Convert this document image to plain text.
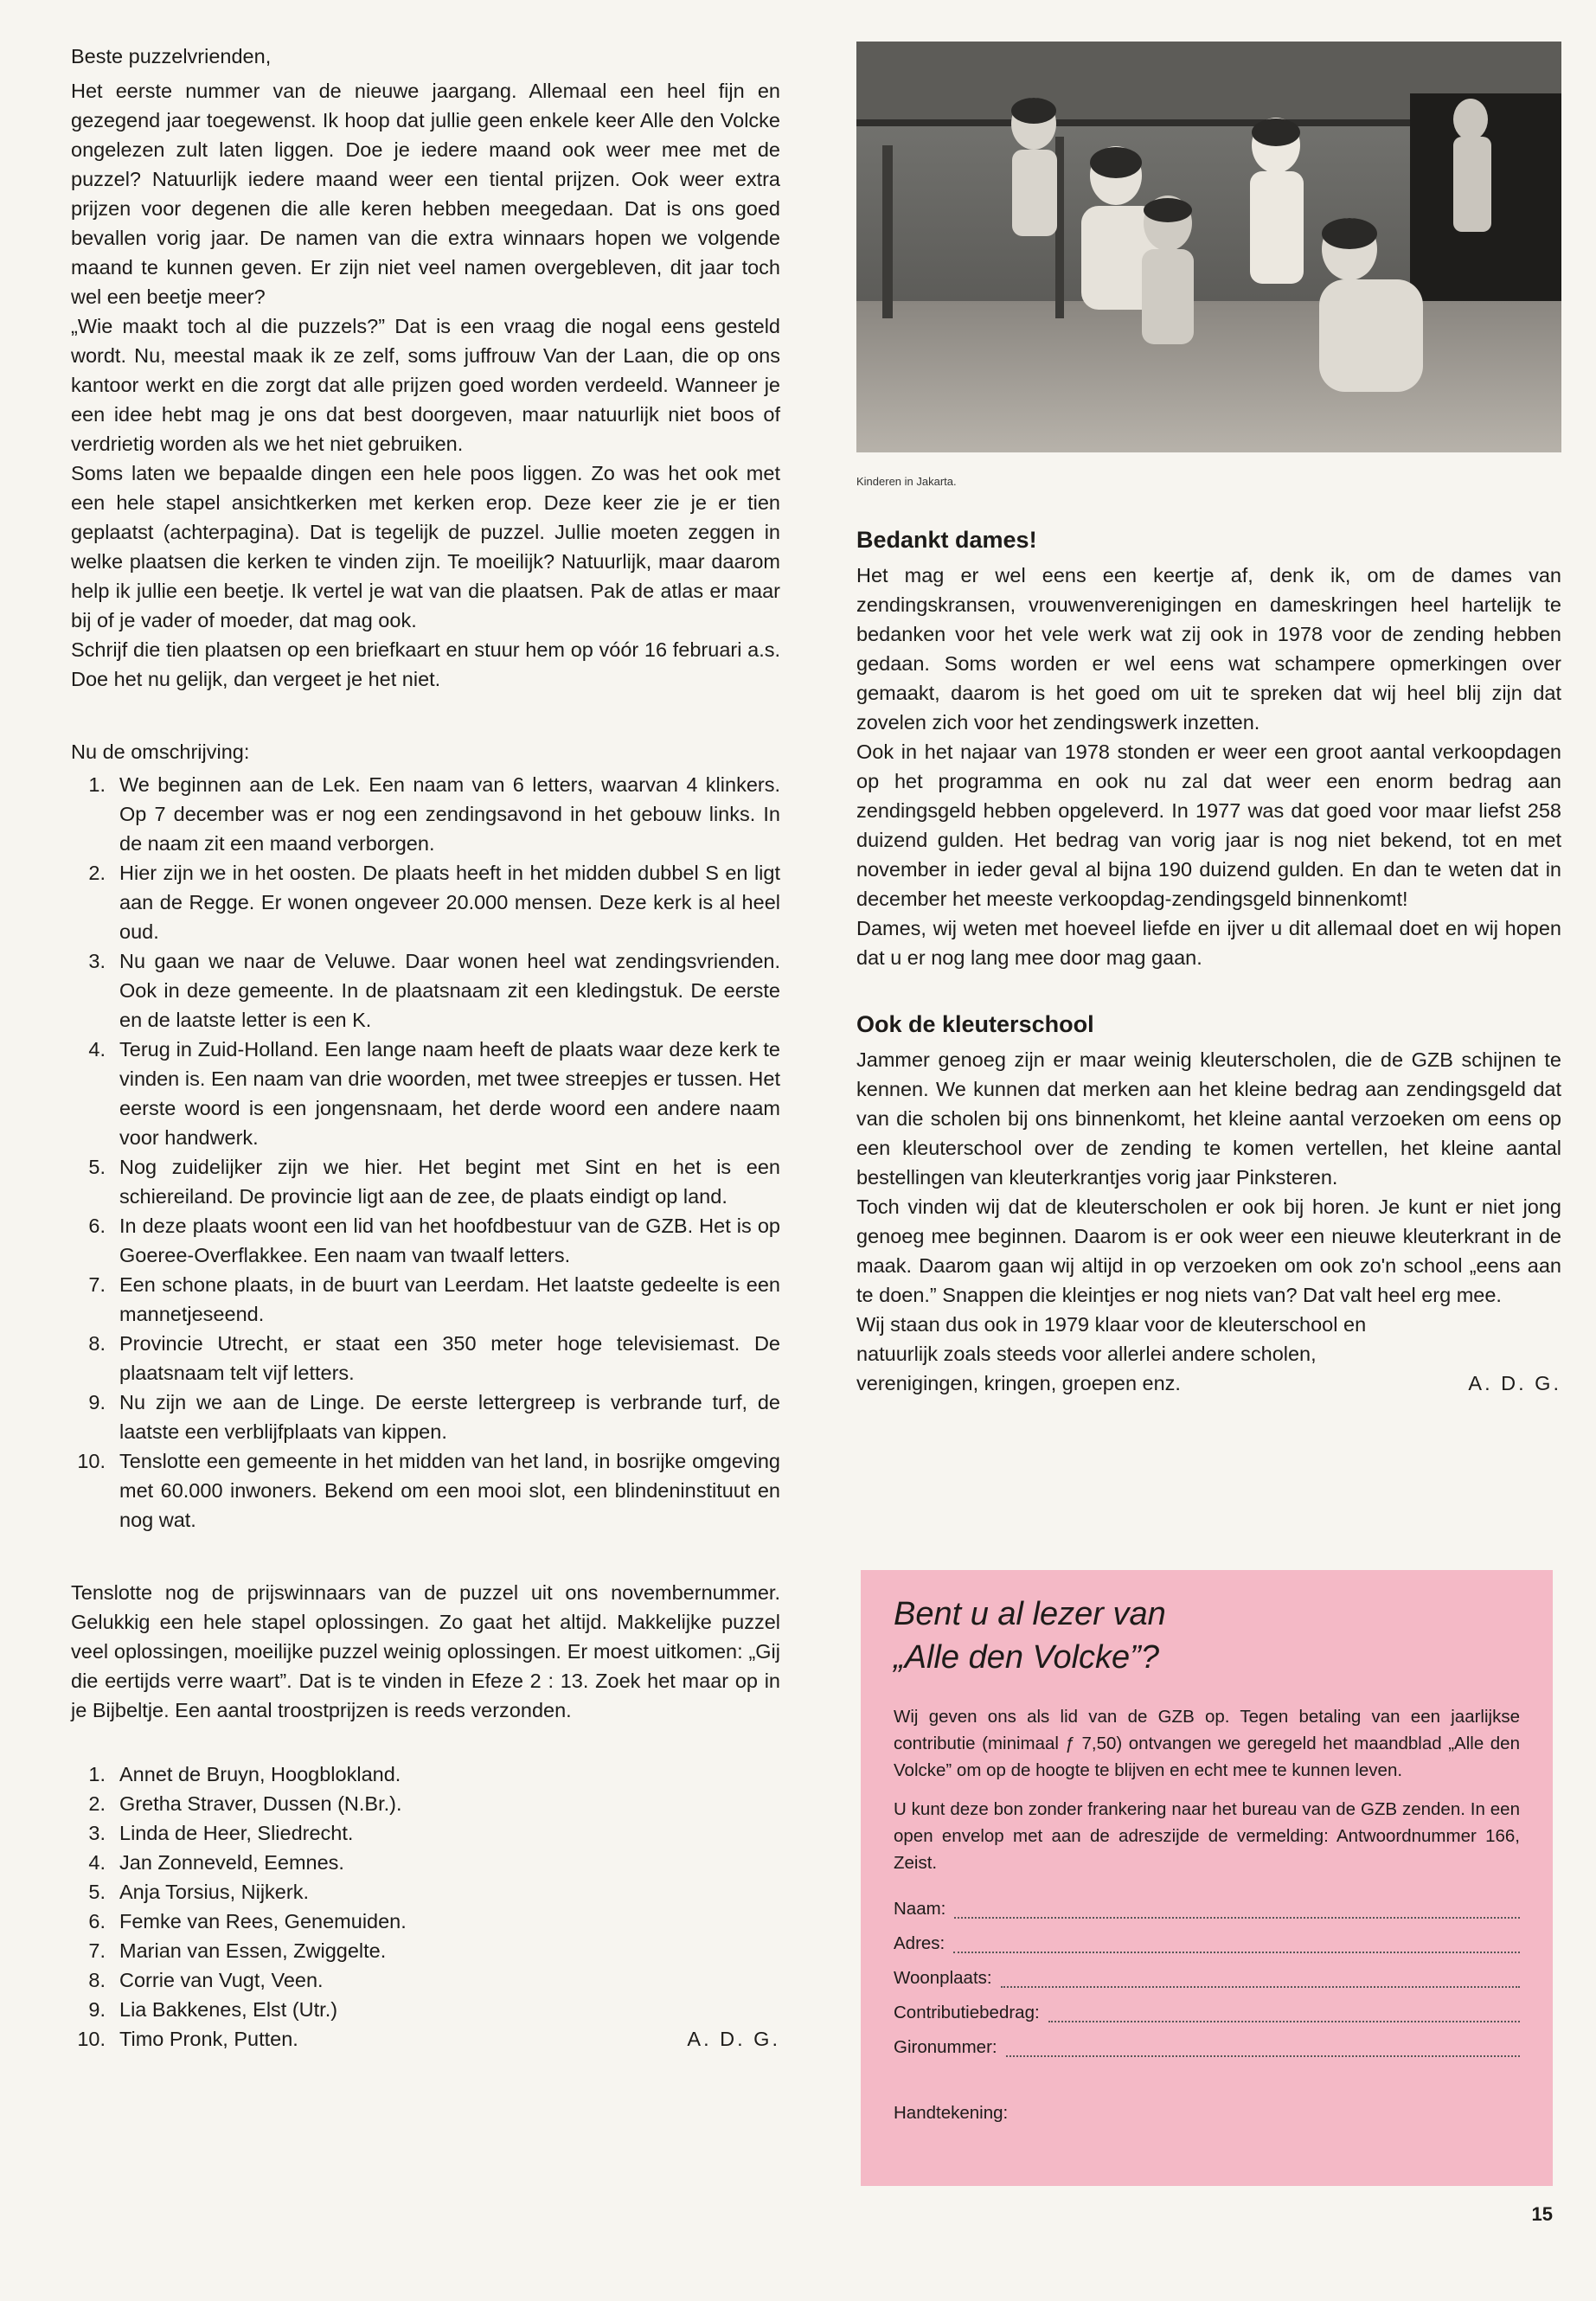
Beste puzzelvrienden,

Het eerste nummer van de nieuwe jaargang. Allemaal een heel fijn en gezegend jaar toegewenst. Ik hoop dat jullie geen enkele keer Alle den Volcke ongelezen zult laten liggen. Doe je iedere maand ook weer mee met de puzzel? Natuurlijk iedere maand weer een tiental prijzen. Ook weer extra prijzen voor degenen die alle keren hebben meegedaan. Dat is ons goed bevallen vorig jaar. De namen van die extra winnaars hopen we volgende maand te kunnen geven. Er zijn niet veel namen overgebleven, dit jaar toch wel een beetje meer?

„Wie maakt toch al die puzzels?” Dat is een vraag die nogal eens gesteld wordt. Nu, meestal maak ik ze zelf, soms juffrouw Van der Laan, die op ons kantoor werkt en die zorgt dat alle prijzen goed worden verdeeld. Wanneer je een idee hebt mag je ons dat best doorgeven, maar natuurlijk niet boos of verdrietig worden als we het niet gebruiken.

Soms laten we bepaalde dingen een hele poos liggen. Zo was het ook met een hele stapel ansichtkerken met kerken erop. Deze keer zie je er tien geplaatst (achterpagina). Dat is tegelijk de puzzel. Jullie moeten zeggen in welke plaatsen die kerken te vinden zijn. Te moeilijk? Natuurlijk, maar daarom help ik jullie een beetje. Ik vertel je wat van die plaatsen. Pak de atlas er maar bij of je vader of moeder, dat mag ook.

Schrijf die tien plaatsen op een briefkaart en stuur hem op vóór 16 februari a.s. Doe het nu gelijk, dan vergeet je het niet.

Nu de omschrijving:

1. We beginnen aan de Lek. Een naam van 6 letters, waarvan 4 klinkers. Op 7 december was er nog een zendingsavond in het gebouw links. In de naam zit een maand verborgen.
2. Hier zijn we in het oosten. De plaats heeft in het midden dubbel S en ligt aan de Regge. Er wonen ongeveer 20.000 mensen. Deze kerk is al heel oud.
3. Nu gaan we naar de Veluwe. Daar wonen heel wat zendingsvrienden. Ook in deze gemeente. In de plaatsnaam zit een kledingstuk. De eerste en de laatste letter is een K.
4. Terug in Zuid-Holland. Een lange naam heeft de plaats waar deze kerk te vinden is. Een naam van drie woorden, met twee streepjes er tussen. Het eerste woord is een jongensnaam, het derde woord een andere naam voor handwerk.
5. Nog zuidelijker zijn we hier. Het begint met Sint en het is een schiereiland. De provincie ligt aan de zee, de plaats eindigt op land.
6. In deze plaats woont een lid van het hoofdbestuur van de GZB. Het is op Goeree-Overflakkee. Een naam van twaalf letters.
7. Een schone plaats, in de buurt van Leerdam. Het laatste gedeelte is een mannetjeseend.
8. Provincie Utrecht, er staat een 350 meter hoge televisiemast. De plaatsnaam telt vijf letters.
9. Nu zijn we aan de Linge. De eerste lettergreep is verbrande turf, de laatste een verblijfplaats van kippen.
10. Tenslotte een gemeente in het midden van het land, in bosrijke omgeving met 60.000 inwoners. Bekend om een mooi slot, een blindeninstituut en nog wat.

Tenslotte nog de prijswinnaars van de puzzel uit ons novembernummer. Gelukkig een hele stapel oplossingen. Zo gaat het altijd. Makkelijke puzzel veel oplossingen, moeilijke puzzel weinig oplossingen. Er moest uitkomen: „Gij die eertijds verre waart”. Dat is te vinden in Efeze 2 : 13. Zoek het maar op in je Bijbeltje. Een aantal troostprijzen is reeds verzonden.

1. Annet de Bruyn, Hoogblokland.
2. Gretha Straver, Dussen (N.Br.).
3. Linda de Heer, Sliedrecht.
4. Jan Zonneveld, Eemnes.
5. Anja Torsius, Nijkerk.
6. Femke van Rees, Genemuiden.
7. Marian van Essen, Zwiggelte.
8. Corrie van Vugt, Veen.
9. Lia Bakkenes, Elst (Utr.)
10. Timo Pronk, Putten.	A. D. G.

Kinderen in Jakarta.

Bedankt dames!

Het mag er wel eens een keertje af, denk ik, om de dames van zendingskransen, vrouwenverenigingen en dameskringen heel hartelijk te bedanken voor het vele werk wat zij ook in 1978 voor de zending hebben gedaan. Soms worden er wel eens wat schampere opmerkingen over gemaakt, daarom is het goed om uit te spreken dat wij heel blij zijn dat zovelen zich voor het zendingswerk inzetten.

Ook in het najaar van 1978 stonden er weer een groot aantal verkoopdagen op het programma en ook nu zal dat weer een enorm bedrag aan zendingsgeld hebben opgeleverd. In 1977 was dat goed voor maar liefst 258 duizend gulden. Het bedrag van vorig jaar is nog niet bekend, tot en met november in ieder geval al bijna 190 duizend gulden. En dan te weten dat in december het meeste verkoopdag-zendingsgeld binnenkomt!

Dames, wij weten met hoeveel liefde en ijver u dit allemaal doet en wij hopen dat u er nog lang mee door mag gaan.

Ook de kleuterschool

Jammer genoeg zijn er maar weinig kleuterscholen, die de GZB schijnen te kennen. We kunnen dat merken aan het kleine bedrag aan zendingsgeld dat van die scholen bij ons binnenkomt, het kleine aantal verzoeken om eens op een kleuterschool over de zending te komen vertellen, het kleine aantal bestellingen van kleuterkrantjes vorig jaar Pinksteren.

Toch vinden wij dat de kleuterscholen er ook bij horen. Je kunt er niet jong genoeg mee beginnen. Daarom is er ook weer een nieuwe kleuterkrant in de maak. Daarom gaan wij altijd in op verzoeken om ook zo'n school „eens aan te doen.” Snappen die kleintjes er nog niets van? Dat valt heel erg mee.

Wij staan dus ook in 1979 klaar voor de kleuterschool en natuurlijk zoals steeds voor allerlei andere scholen, verenigingen, kringen, groepen enz.	A. D. G.

Bent u al lezer van
„Alle den Volcke”?

Wij geven ons als lid van de GZB op. Tegen betaling van een jaarlijkse contributie (minimaal ƒ 7,50) ontvangen we geregeld het maandblad „Alle den Volcke” om op de hoogte te blijven en echt mee te kunnen leven.

U kunt deze bon zonder frankering naar het bureau van de GZB zenden. In een open envelop met aan de adreszijde de vermelding: Antwoordnummer 166, Zeist.

Naam:
Adres:
Woonplaats:
Contributiebedrag:
Gironummer:
Handtekening:
15
